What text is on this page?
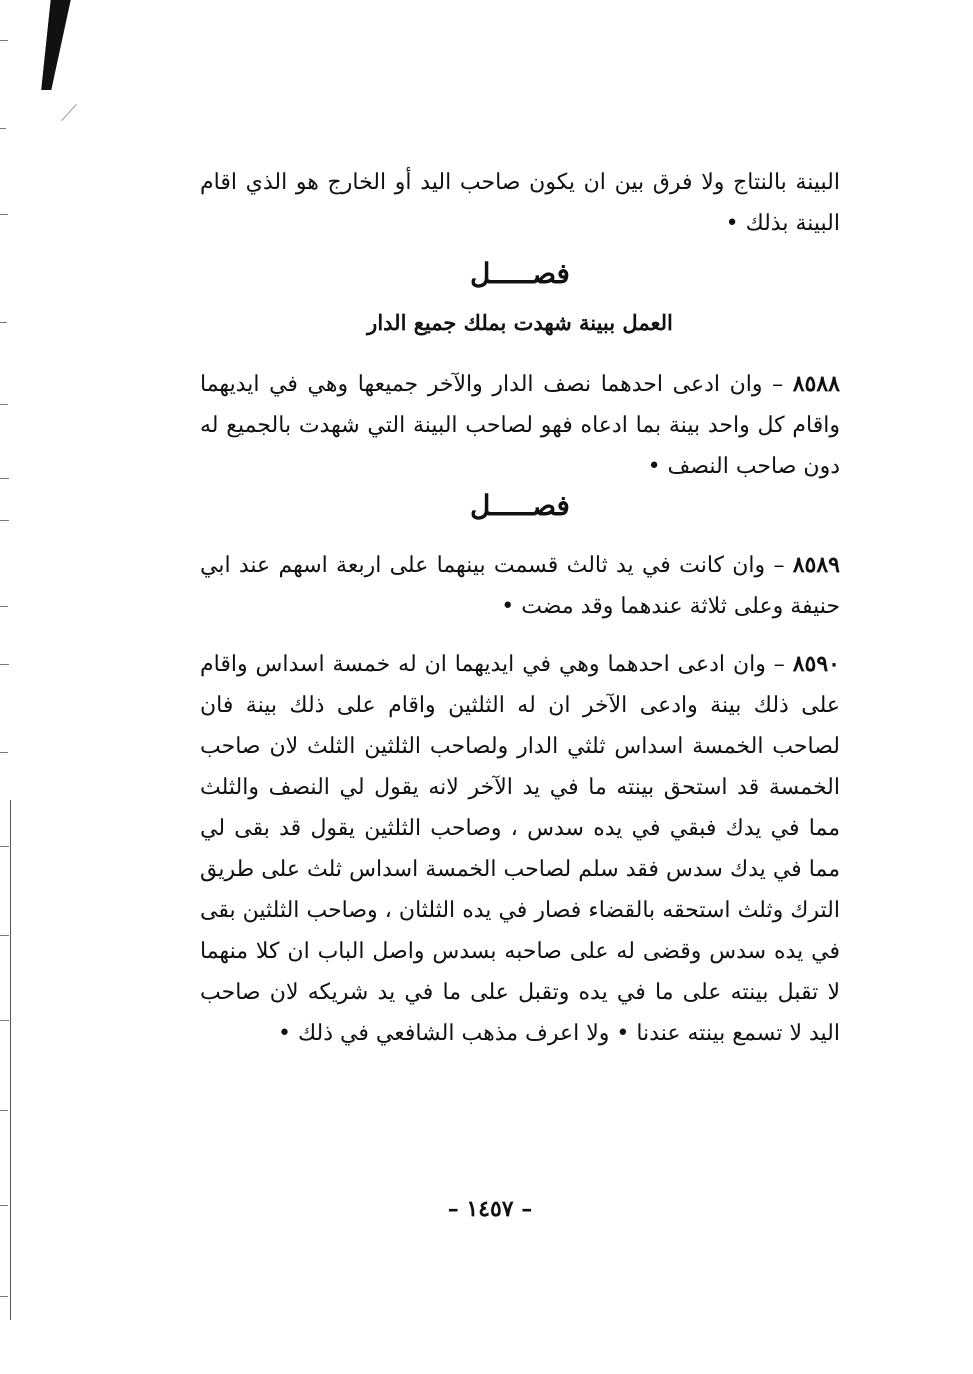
البينة بالنتاج ولا فرق بين ان يكون صاحب اليد أو الخارج هو الذي اقام البينة بذلك •
فصـــــل
العمل ببينة شهدت بملك جميع الدار
٨٥٨٨ – وان ادعى احدهما نصف الدار والآخر جميعها وهي في ايديهما واقام كل واحد بينة بما ادعاه فهو لصاحب البينة التي شهدت بالجميع له دون صاحب النصف •
فصـــــل
٨٥٨٩ – وان كانت في يد ثالث قسمت بينهما على اربعة اسهم عند ابي حنيفة وعلى ثلاثة عندهما وقد مضت •
٨٥٩٠ – وان ادعى احدهما وهي في ايديهما ان له خمسة اسداس واقام على ذلك بينة وادعى الآخر ان له الثلثين واقام على ذلك بينة فان لصاحب الخمسة اسداس ثلثي الدار ولصاحب الثلثين الثلث لان صاحب الخمسة قد استحق بينته ما في يد الآخر لانه يقول لي النصف والثلث مما في يدك فبقي في يده سدس ، وصاحب الثلثين يقول قد بقى لي مما في يدك سدس فقد سلم لصاحب الخمسة اسداس ثلث على طريق الترك وثلث استحقه بالقضاء فصار في يده الثلثان ، وصاحب الثلثين بقى في يده سدس وقضى له على صاحبه بسدس واصل الباب ان كلا منهما لا تقبل بينته على ما في يده وتقبل على ما في يد شريكه لان صاحب اليد لا تسمع بينته عندنا • ولا اعرف مذهب الشافعي في ذلك •
– ١٤٥٧ –
